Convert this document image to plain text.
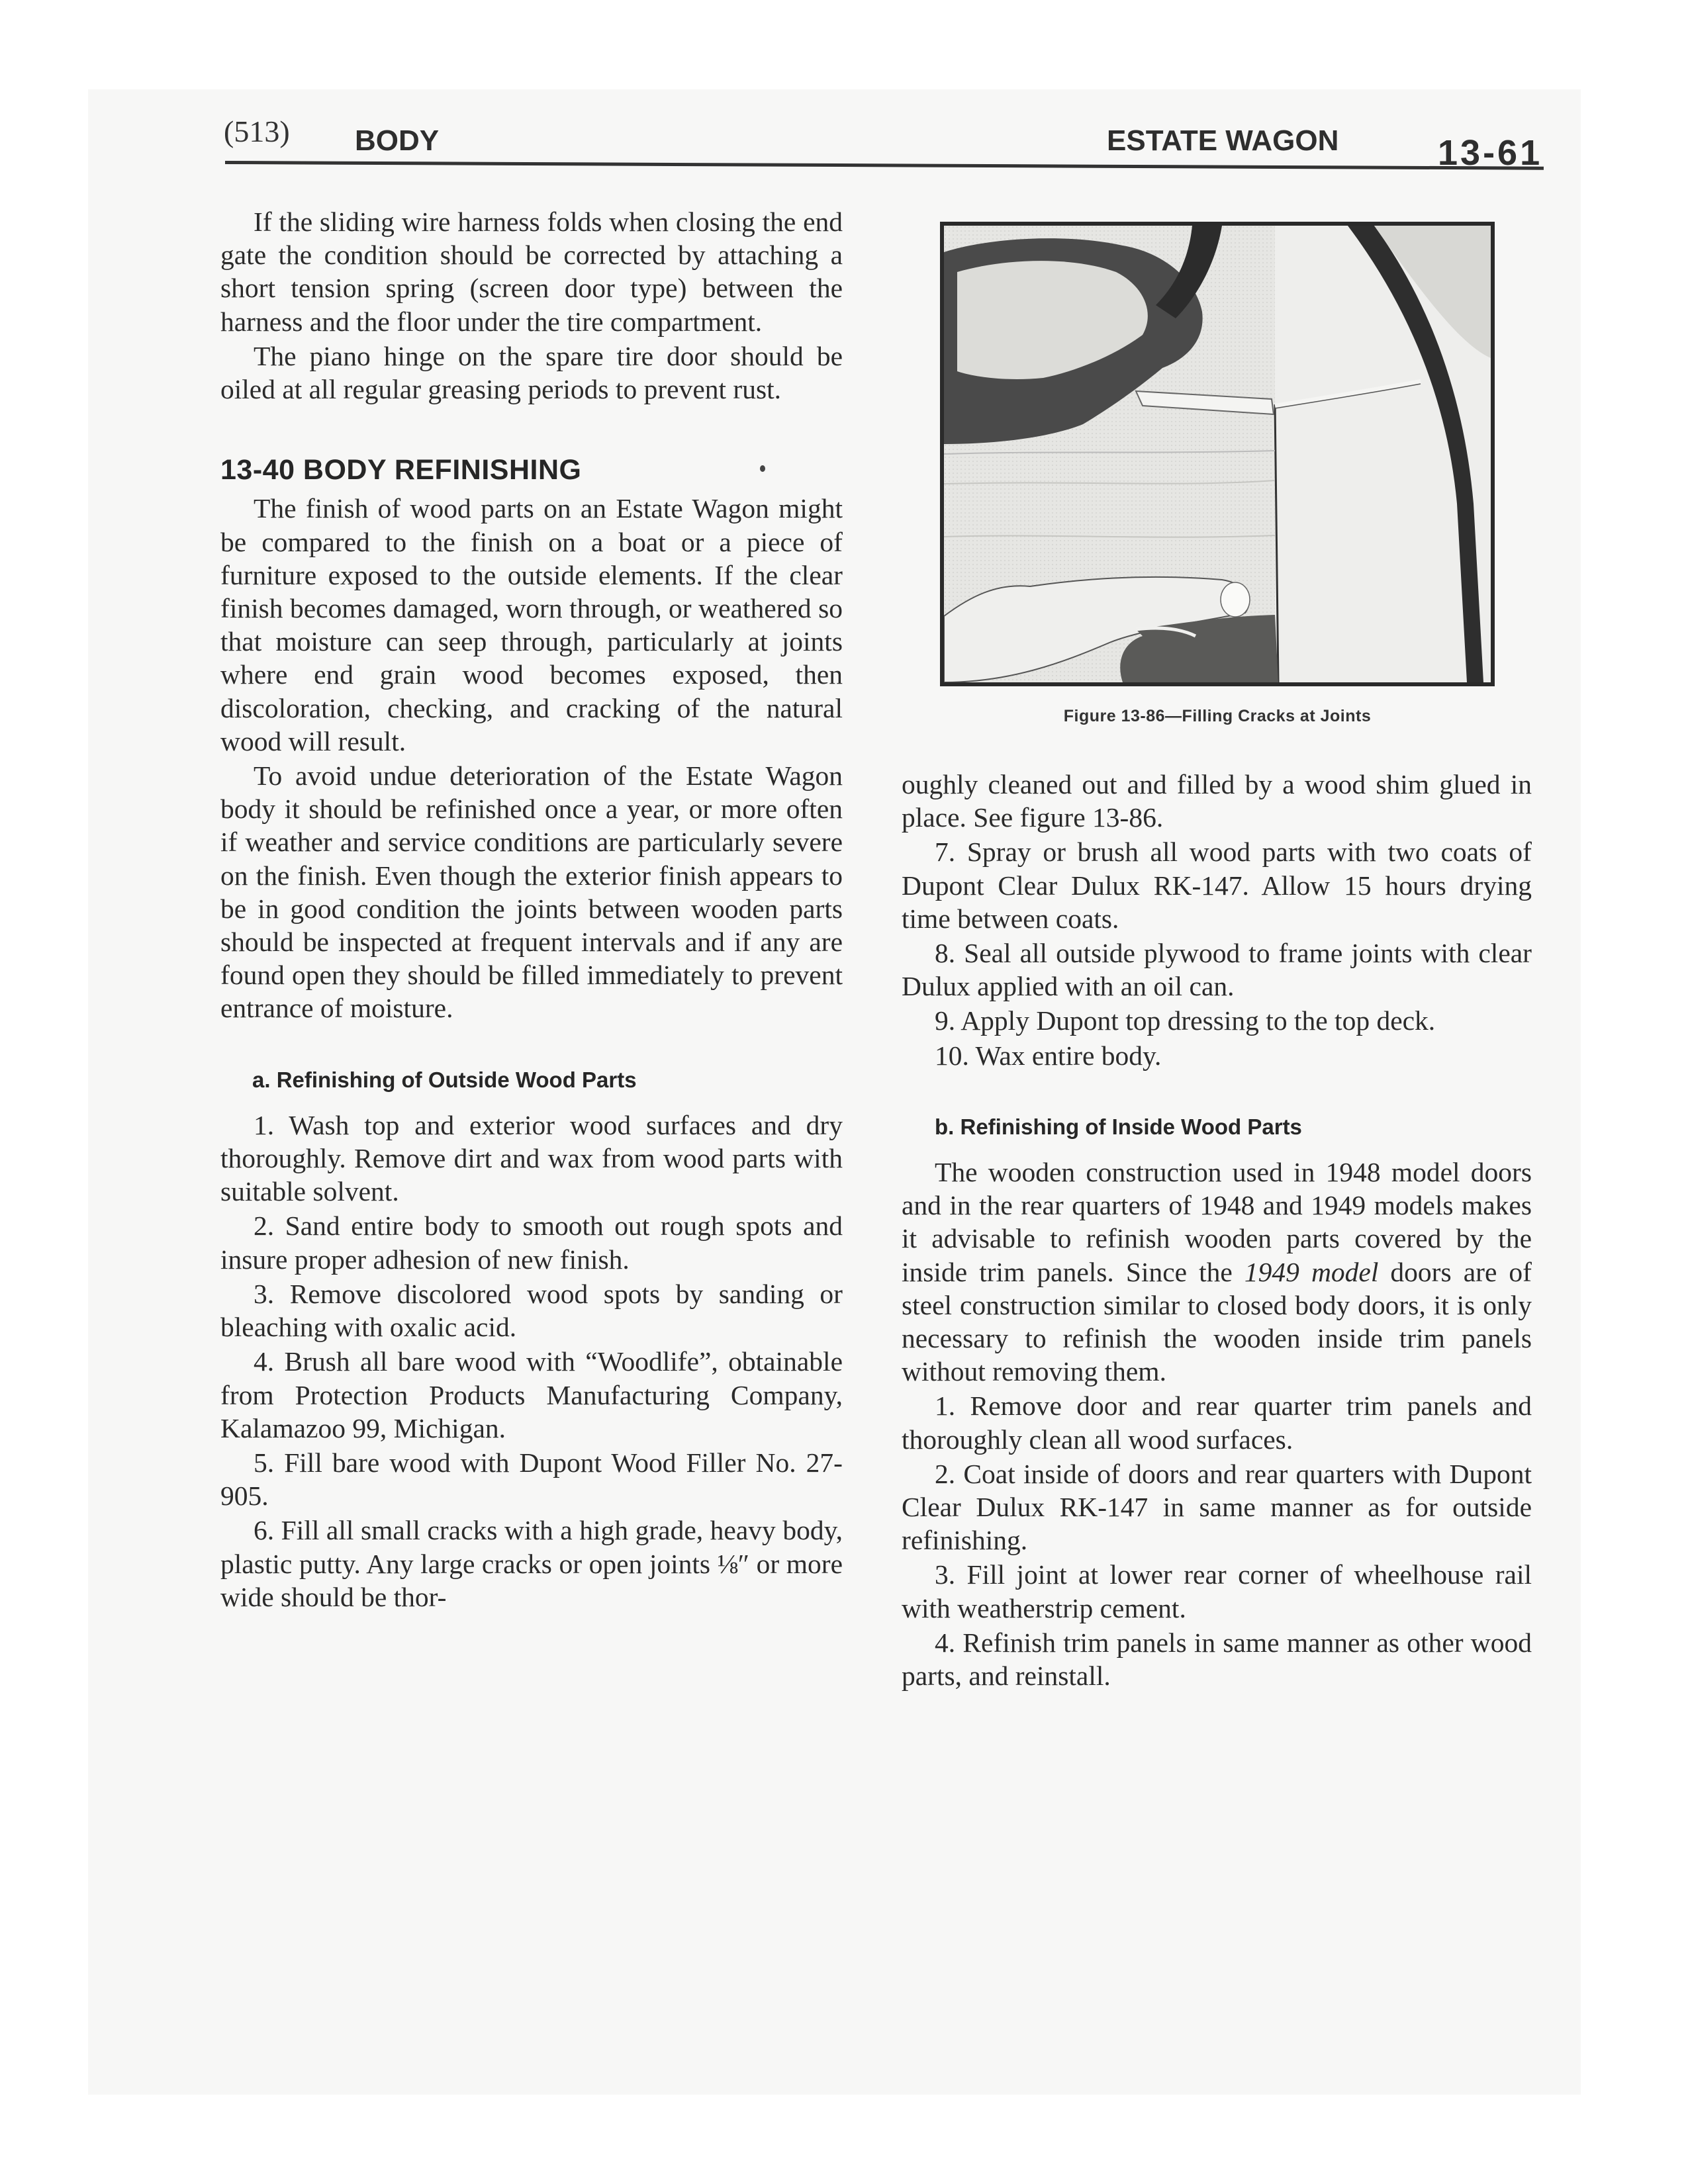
(513) BODY	ESTATE WAGON	13-61

If the sliding wire harness folds when closing the end gate the condition should be corrected by attaching a short tension spring (screen door type) between the harness and the floor under the tire compartment.

The piano hinge on the spare tire door should be oiled at all regular greasing periods to prevent rust.

13-40 BODY REFINISHING

The finish of wood parts on an Estate Wagon might be compared to the finish on a boat or a piece of furniture exposed to the outside elements. If the clear finish becomes damaged, worn through, or weathered so that moisture can seep through, particularly at joints where end grain wood becomes exposed, then discoloration, checking, and cracking of the natural wood will result.

To avoid undue deterioration of the Estate Wagon body it should be refinished once a year, or more often if weather and service conditions are particularly severe on the finish. Even though the exterior finish appears to be in good condition the joints between wooden parts should be inspected at frequent intervals and if any are found open they should be filled immediately to prevent entrance of moisture.

a. Refinishing of Outside Wood Parts

1. Wash top and exterior wood surfaces and dry thoroughly. Remove dirt and wax from wood parts with suitable solvent.

2. Sand entire body to smooth out rough spots and insure proper adhesion of new finish.

3. Remove discolored wood spots by sanding or bleaching with oxalic acid.

4. Brush all bare wood with “Woodlife”, obtainable from Protection Products Manufacturing Company, Kalamazoo 99, Michigan.

5. Fill bare wood with Dupont Wood Filler No. 27-905.

6. Fill all small cracks with a high grade, heavy body, plastic putty. Any large cracks or open joints ⅛″ or more wide should be thor-

Figure 13-86—Filling Cracks at Joints

oughly cleaned out and filled by a wood shim glued in place. See figure 13-86.

7. Spray or brush all wood parts with two coats of Dupont Clear Dulux RK-147. Allow 15 hours drying time between coats.

8. Seal all outside plywood to frame joints with clear Dulux applied with an oil can.

9. Apply Dupont top dressing to the top deck.

10. Wax entire body.

b. Refinishing of Inside Wood Parts

The wooden construction used in 1948 model doors and in the rear quarters of 1948 and 1949 models makes it advisable to refinish wooden parts covered by the inside trim panels. Since the 1949 model doors are of steel construction similar to closed body doors, it is only necessary to refinish the wooden inside trim panels without removing them.

1. Remove door and rear quarter trim panels and thoroughly clean all wood surfaces.

2. Coat inside of doors and rear quarters with Dupont Clear Dulux RK-147 in same manner as for outside refinishing.

3. Fill joint at lower rear corner of wheelhouse rail with weatherstrip cement.

4. Refinish trim panels in same manner as other wood parts, and reinstall.
